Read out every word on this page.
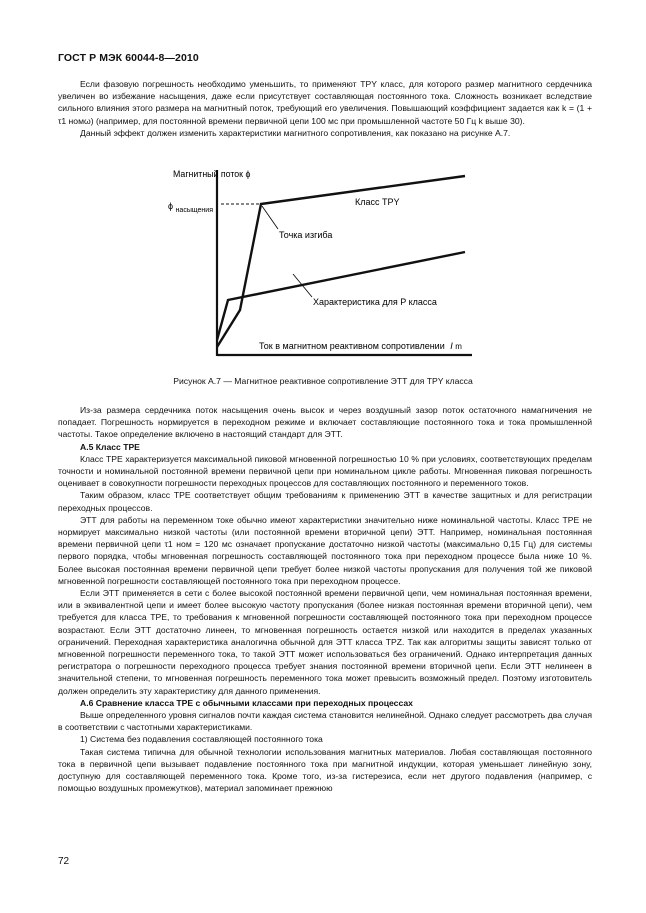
ГОСТ Р МЭК 60044-8—2010

Если фазовую погрешность необходимо уменьшить, то применяют TPY класс, для которого размер магнитного сердечника увеличен во избежание насыщения, даже если присутствует составляющая постоянного тока. Сложность возникает вследствие сильного влияния этого размера на магнитный поток, требующий его увеличения. Повышающий коэффициент задается как k = (1 + τ1 номω) (например, для постоянной времени первичной цепи 100 мс при промышленной частоте 50 Гц k выше 30).

Данный эффект должен изменить характеристики магнитного сопротивления, как показано на рисунке А.7.

Магнитный поток ϕ
ϕ $_{насыщения}$
Класс TPY
Точка изгиба
Характеристика для P класса
Ток в магнитном реактивном сопротивлении I m
Рисунок А.7 — Магнитное реактивное сопротивление ЭТТ для TPY класса

Из-за размера сердечника поток насыщения очень высок и через воздушный зазор поток остаточного намагничения не попадает. Погрешность нормируется в переходном режиме и включает составляющие постоянного тока и тока промышленной частоты. Такое определение включено в настоящий стандарт для ЭТТ.

А.5 Класс TPE

Класс TPE характеризуется максимальной пиковой мгновенной погрешностью 10 % при условиях, соответствующих пределам точности и номинальной постоянной времени первичной цепи при номинальном цикле работы. Мгновенная пиковая погрешность оценивает в совокупности погрешности переходных процессов для составляющих постоянного и переменного токов.

Таким образом, класс TPE соответствует общим требованиям к применению ЭТТ в качестве защитных и для регистрации переходных процессов.

ЭТТ для работы на переменном токе обычно имеют характеристики значительно ниже номинальной частоты. Класс TPE не нормирует максимально низкой частоты (или постоянной времени вторичной цепи) ЭТТ. Например, номинальная постоянная времени первичной цепи τ1 ном = 120 мс означает пропускание достаточно низкой частоты (максимально 0,15 Гц) для системы первого порядка, чтобы мгновенная погрешность составляющей постоянного тока при переходном процессе была ниже 10 %. Более высокая постоянная времени первичной цепи требует более низкой частоты пропускания для получения той же пиковой мгновенной погрешности составляющей постоянного тока при переходном процессе.

Если ЭТТ применяется в сети с более высокой постоянной времени первичной цепи, чем номинальная постоянная времени, или в эквивалентной цепи и имеет более высокую частоту пропускания (более низкая постоянная времени вторичной цепи), чем требуется для класса TPE, то требования к мгновенной погрешности составляющей постоянного тока при переходном процессе возрастают. Если ЭТТ достаточно линеен, то мгновенная погрешность остается низкой или находится в пределах указанных ограничений. Переходная характеристика аналогична обычной для ЭТТ класса TPZ. Так как алгоритмы защиты зависят только от мгновенной погрешности переменного тока, то такой ЭТТ может использоваться без ограничений. Однако интерпретация данных регистратора о погрешности переходного процесса требует знания постоянной времени вторичной цепи. Если ЭТТ нелинеен в значительной степени, то мгновенная погрешность переменного тока может превысить возможный предел. Поэтому изготовитель должен определить эту характеристику для данного применения.

А.6 Сравнение класса TPE с обычными классами при переходных процессах

Выше определенного уровня сигналов почти каждая система становится нелинейной. Однако следует рассмотреть два случая в соответствии с частотными характеристиками.

1) Система без подавления составляющей постоянного тока

Такая система типична для обычной технологии использования магнитных материалов. Любая составляющая постоянного тока в первичной цепи вызывает подавление постоянного тока при магнитной индукции, которая уменьшает линейную зону, доступную для составляющей переменного тока. Кроме того, из-за гистерезиса, если нет другого подавления (например, с помощью воздушных промежутков), материал запоминает прежнюю

72
